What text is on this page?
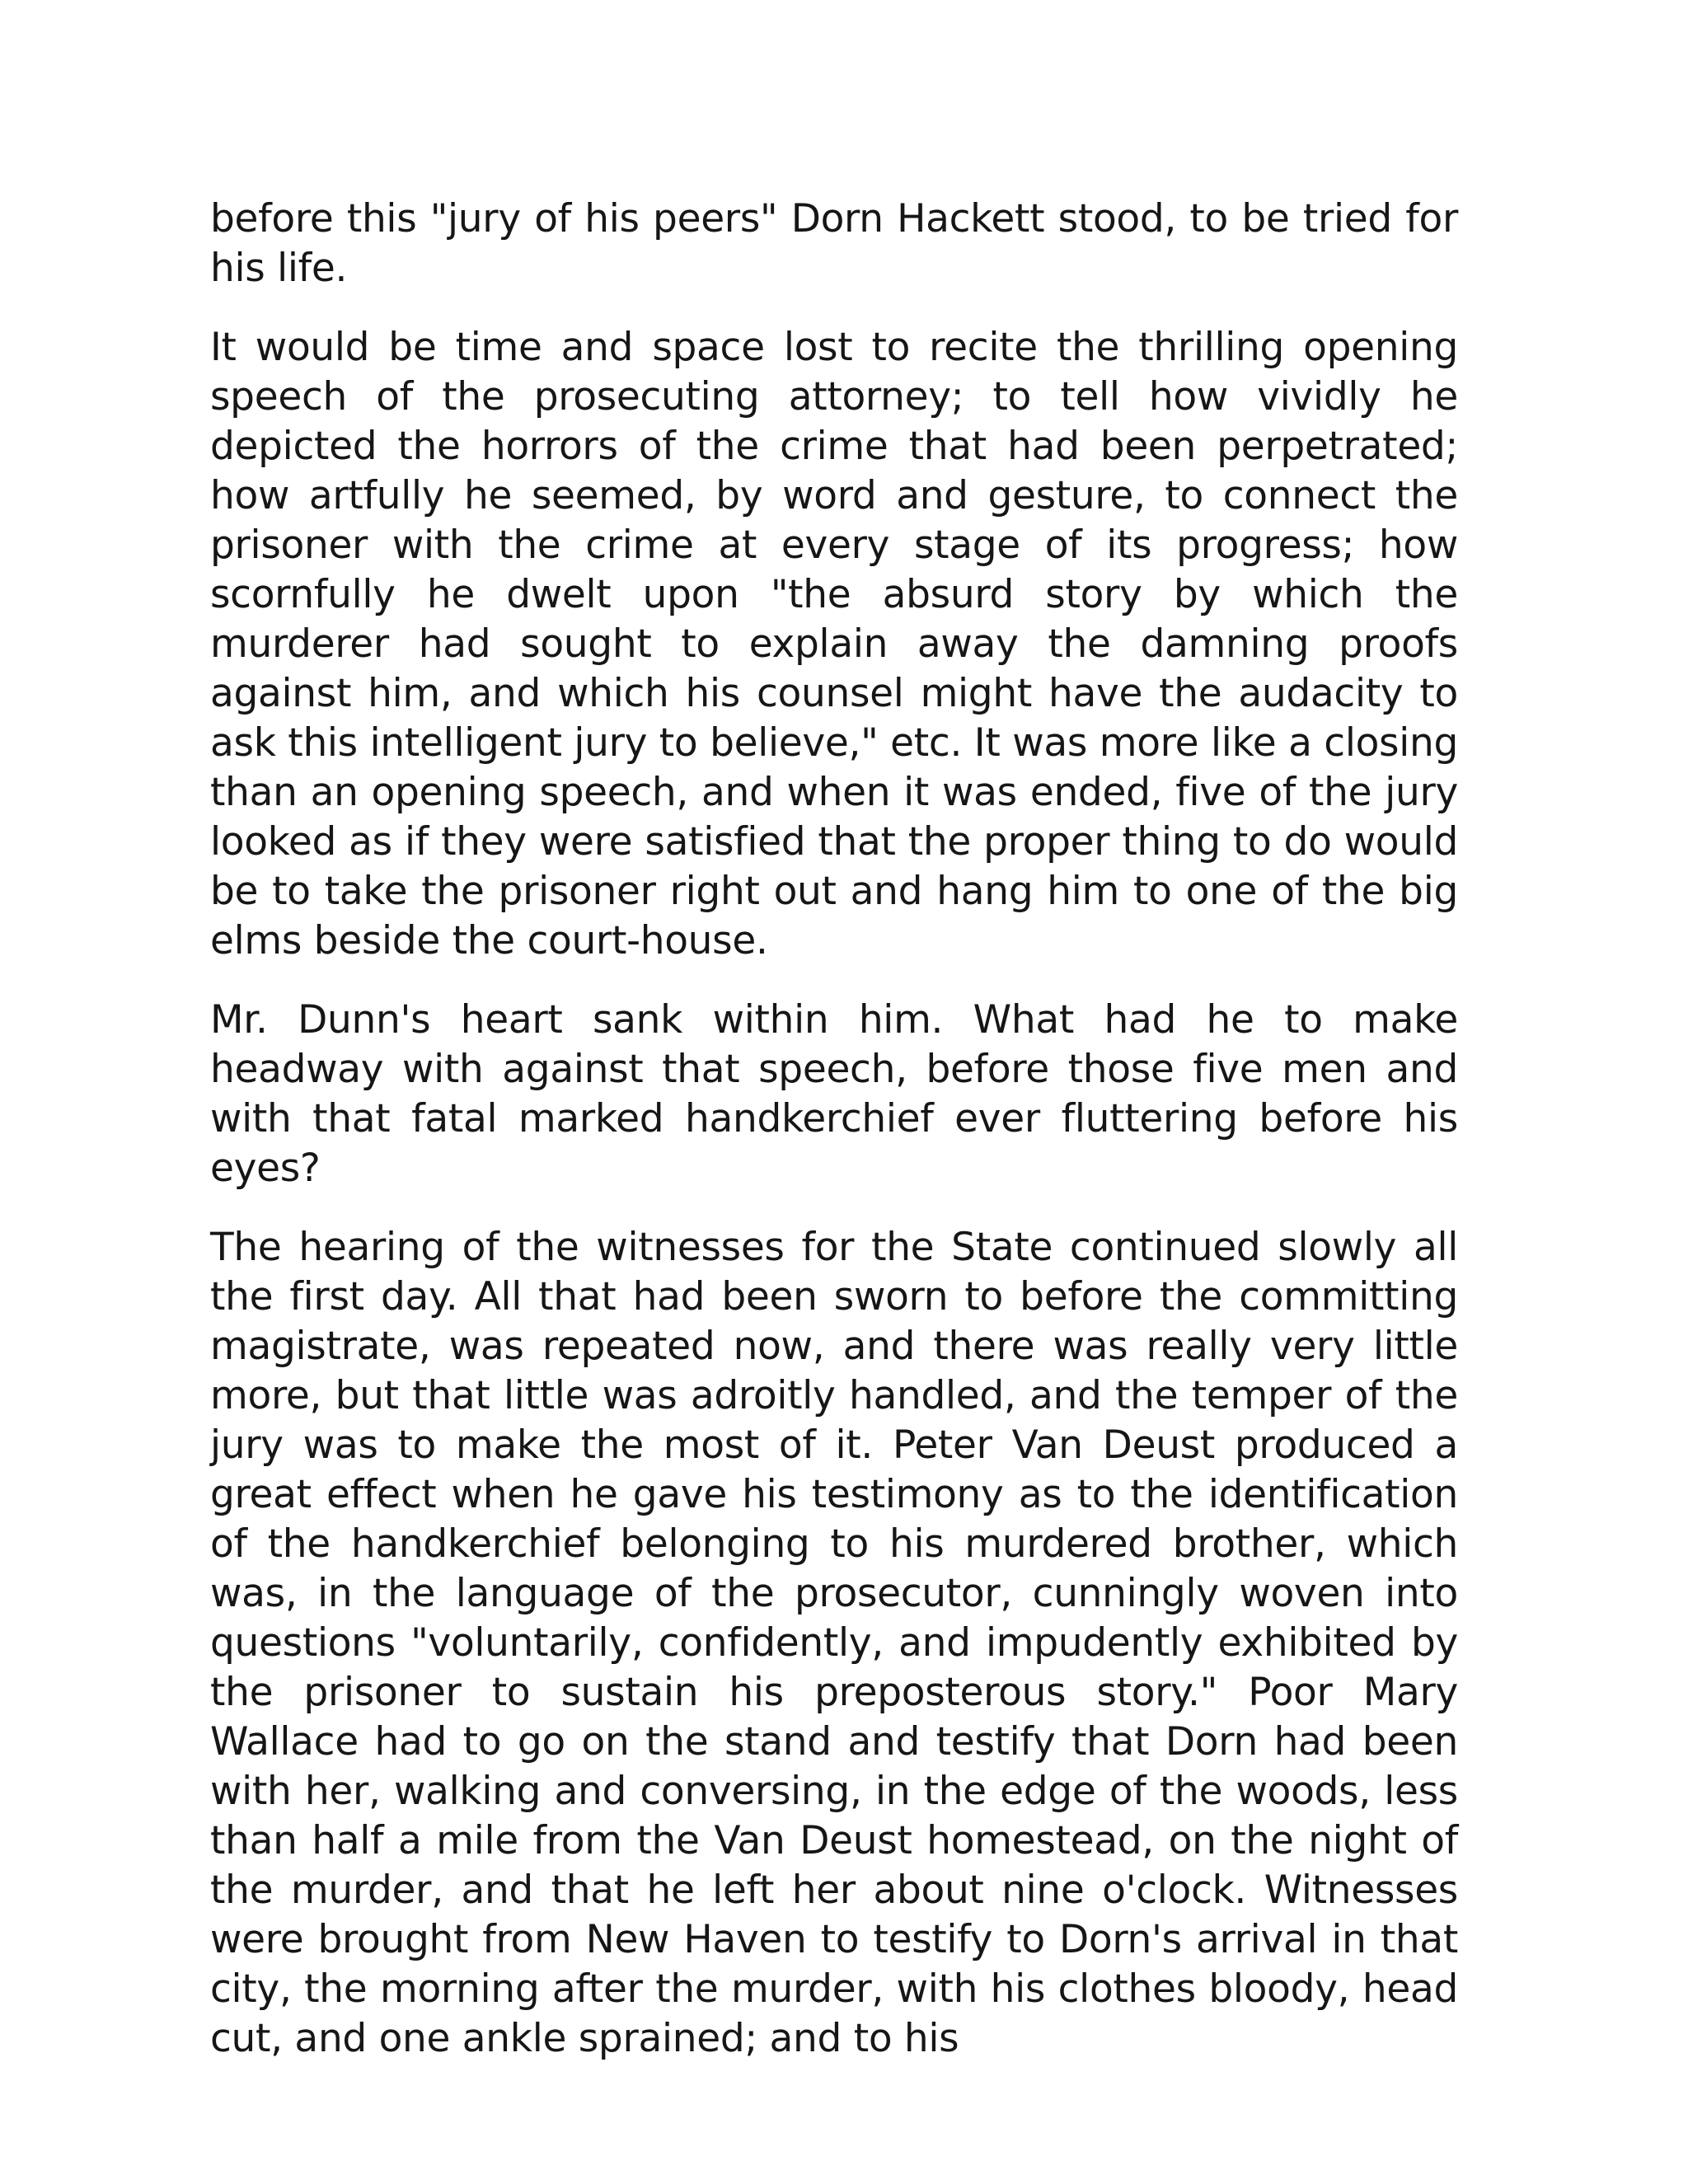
before this "jury of his peers" Dorn Hackett stood, to be tried for his life.

It would be time and space lost to recite the thrilling opening speech of the prosecuting attorney; to tell how vividly he depicted the horrors of the crime that had been perpetrated; how artfully he seemed, by word and gesture, to connect the prisoner with the crime at every stage of its progress; how scornfully he dwelt upon "the absurd story by which the murderer had sought to explain away the damning proofs against him, and which his counsel might have the audacity to ask this intelligent jury to believe," etc. It was more like a closing than an opening speech, and when it was ended, five of the jury looked as if they were satisfied that the proper thing to do would be to take the prisoner right out and hang him to one of the big elms beside the court-house.

Mr. Dunn's heart sank within him. What had he to make headway with against that speech, before those five men and with that fatal marked handkerchief ever fluttering before his eyes?

The hearing of the witnesses for the State continued slowly all the first day. All that had been sworn to before the committing magistrate, was repeated now, and there was really very little more, but that little was adroitly handled, and the temper of the jury was to make the most of it. Peter Van Deust produced a great effect when he gave his testimony as to the identification of the handkerchief belonging to his murdered brother, which was, in the language of the prosecutor, cunningly woven into questions "voluntarily, confidently, and impudently exhibited by the prisoner to sustain his preposterous story." Poor Mary Wallace had to go on the stand and testify that Dorn had been with her, walking and conversing, in the edge of the woods, less than half a mile from the Van Deust homestead, on the night of the murder, and that he left her about nine o'clock. Witnesses were brought from New Haven to testify to Dorn's arrival in that city, the morning after the murder, with his clothes bloody, head cut, and one ankle sprained; and to his
